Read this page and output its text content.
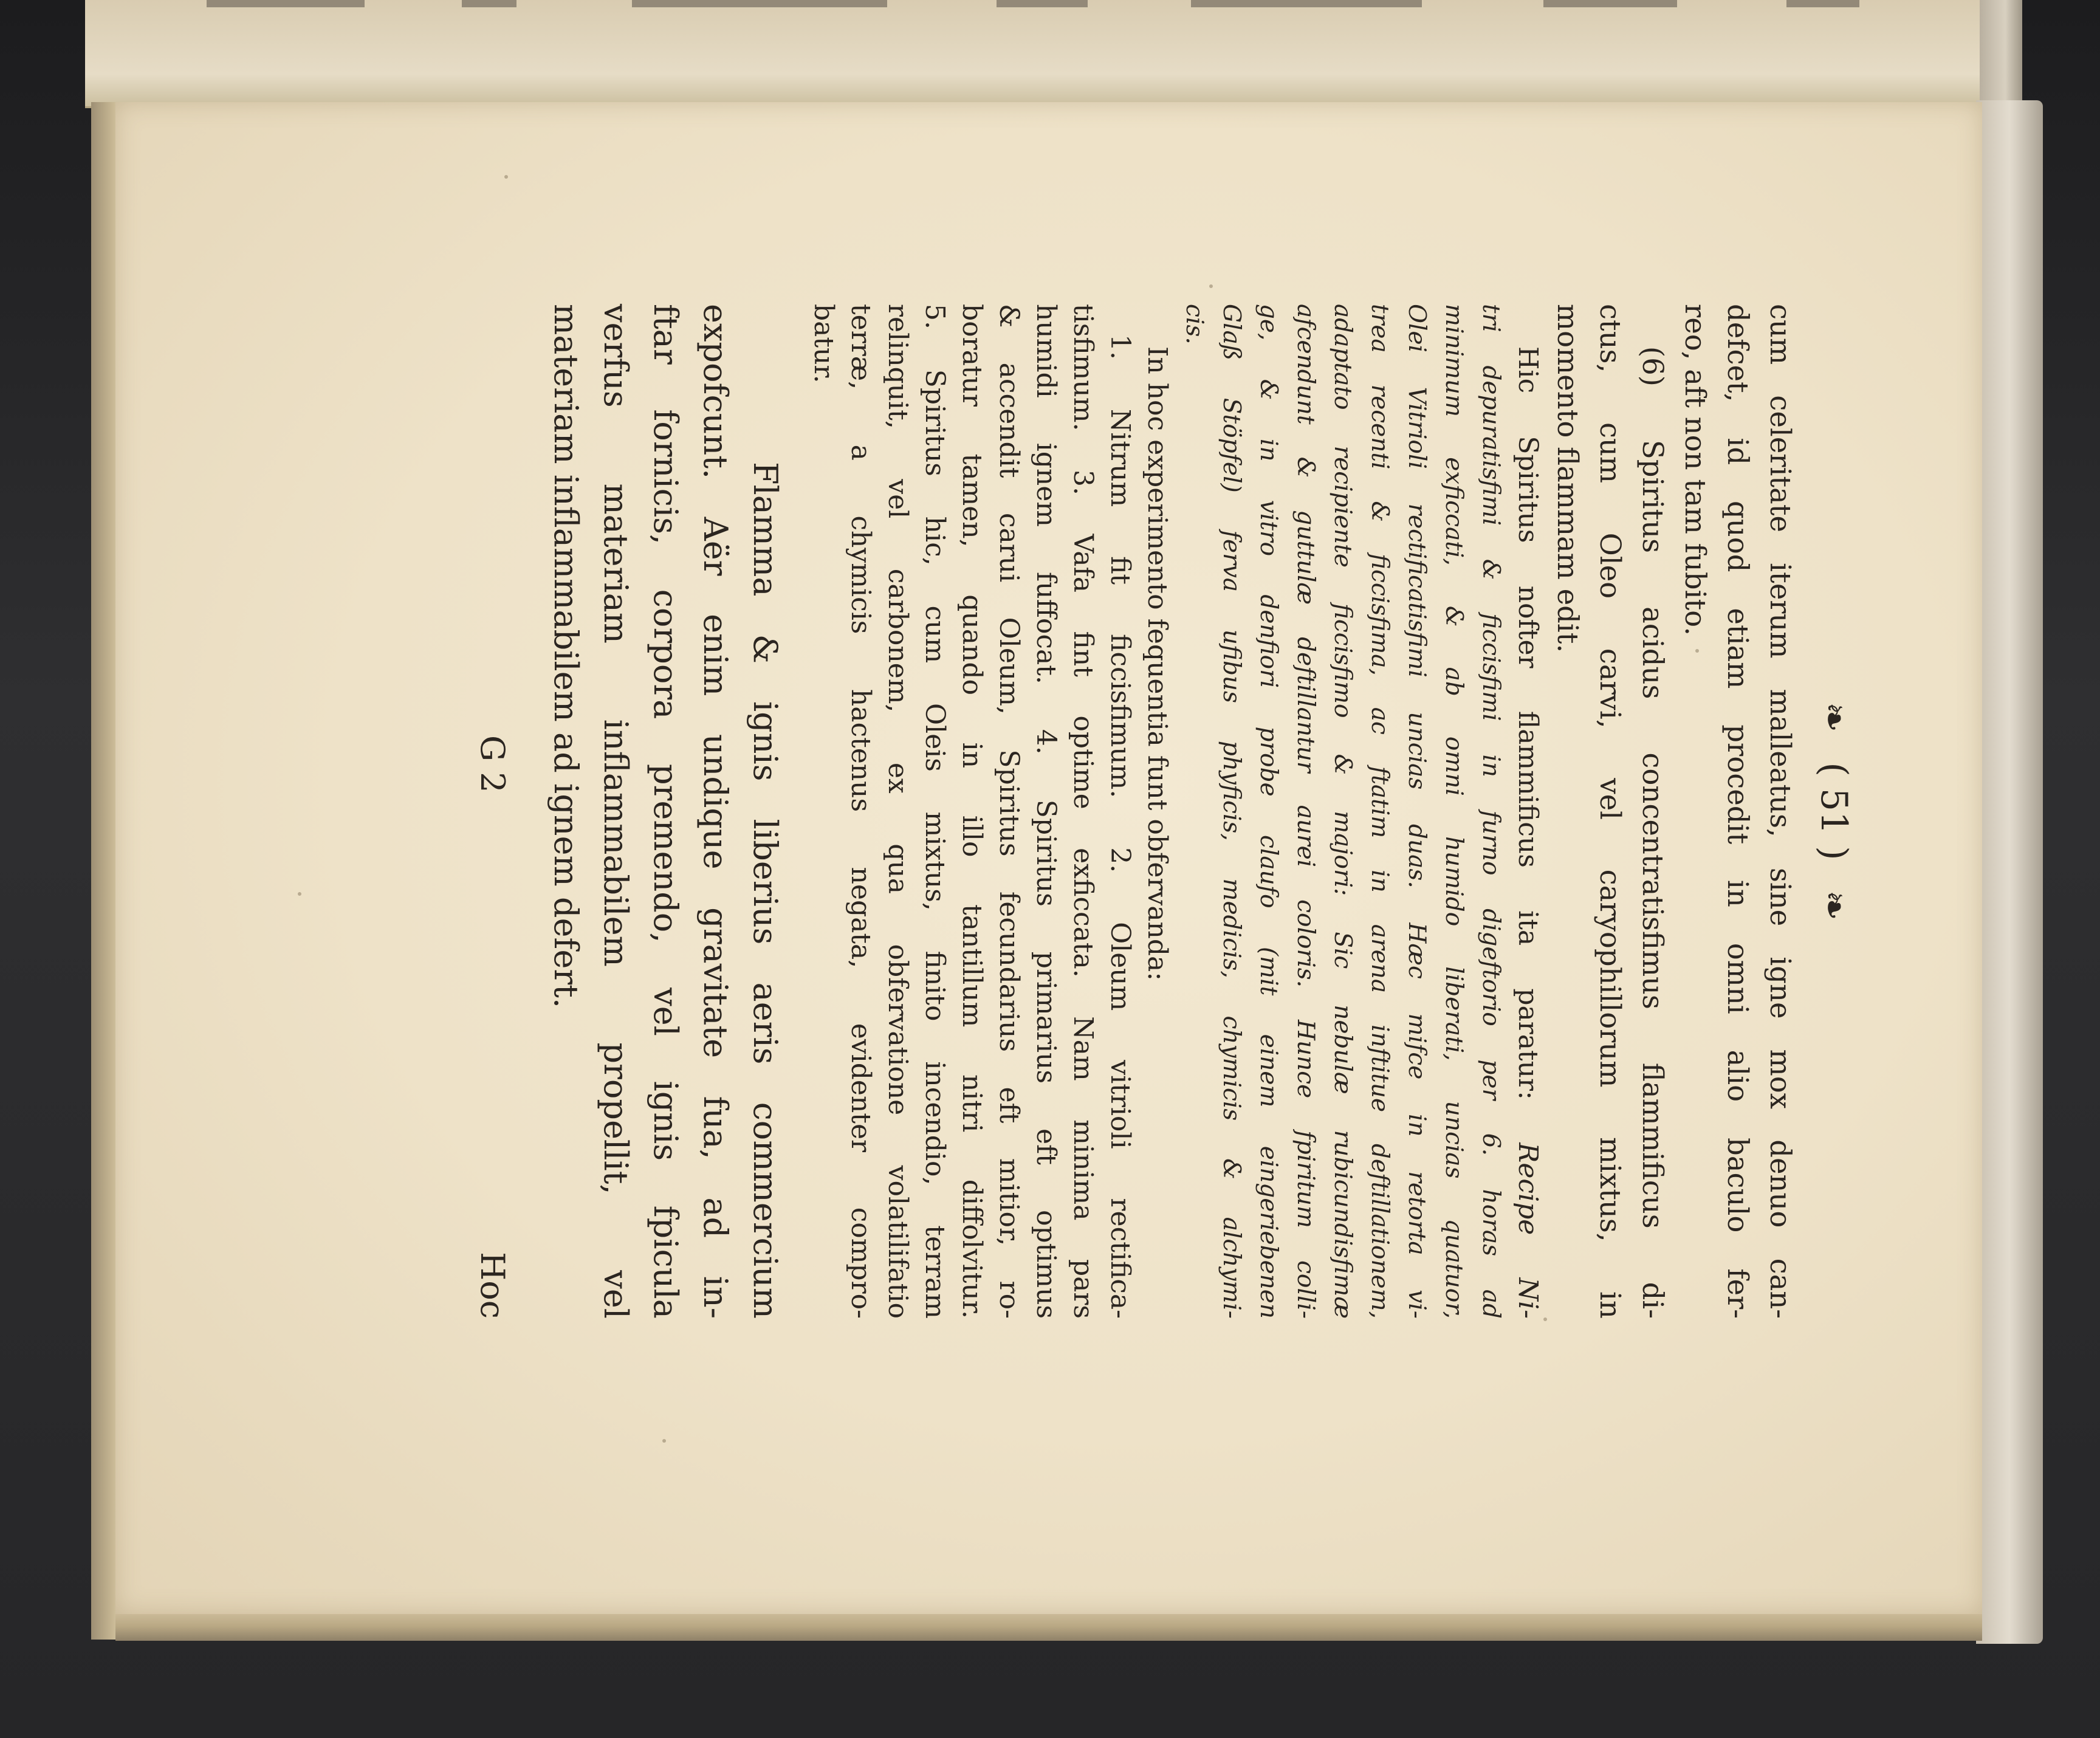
❧ ( 51 ) ❧
cum celeritate iterum malleatus, sine igne mox denuo can-
defcet, id quod etiam procedit in omni alio baculo fer-
reo, aft non tam fubito.
(6) Spiritus acidus concentratisfimus flammificus di-
ctus, cum Oleo carvi, vel caryophillorum mixtus, in
momento flammam edit.
Hic Spiritus nofter flammificus ita paratur: Recipe Ni-
tri depuratisfimi & ficcisfimi in furno digeftorio per 6. horas ad
minimum exficcati, & ab omni humido liberati, uncias quatuor,
Olei Vitrioli rectificatisfimi uncias duas. Hæc mifce in retorta vi-
trea recenti & ficcisfima, ac ftatim in arena inftitue deftillationem,
adaptato recipiente ficcisfimo & majori: Sic nebulæ rubicundisfimæ
afcendunt & guttulæ deftillantur aurei coloris. Hunce fpiritum colli-
ge, & in vitro denfiori probe claufo (mit einem eingeriebenen
Glaß Stöpfel) ferva ufibus phyficis, medicis, chymicis & alchymi-
cis.
In hoc experimento fequentia funt obfervanda:
1. Nitrum fit ficcisfimum. 2. Oleum vitrioli rectifica-
tisfimum. 3. Vafa fint optime exficcata. Nam minima pars
humidi ignem fuffocat. 4. Spiritus primarius eft optimus
& accendit carui Oleum, Spiritus fecundarius eft mitior, ro-
boratur tamen, quando in illo tantillum nitri diffolvitur.
5. Spiritus hic, cum Oleis mixtus, finito incendio, terram
relinquit, vel carbonem, ex qua obfervatione volatilifatio
terræ, a chymicis hactenus negata, evidenter compro-
batur.
Flamma & ignis liberius aeris commercium
expofcunt. Aër enim undique gravitate fua, ad in-
ftar fornicis, corpora premendo, vel ignis fpicula
verfus materiam inflammabilem propellit, vel
materiam inflammabilem ad ignem defert.
G 2
Hoc
